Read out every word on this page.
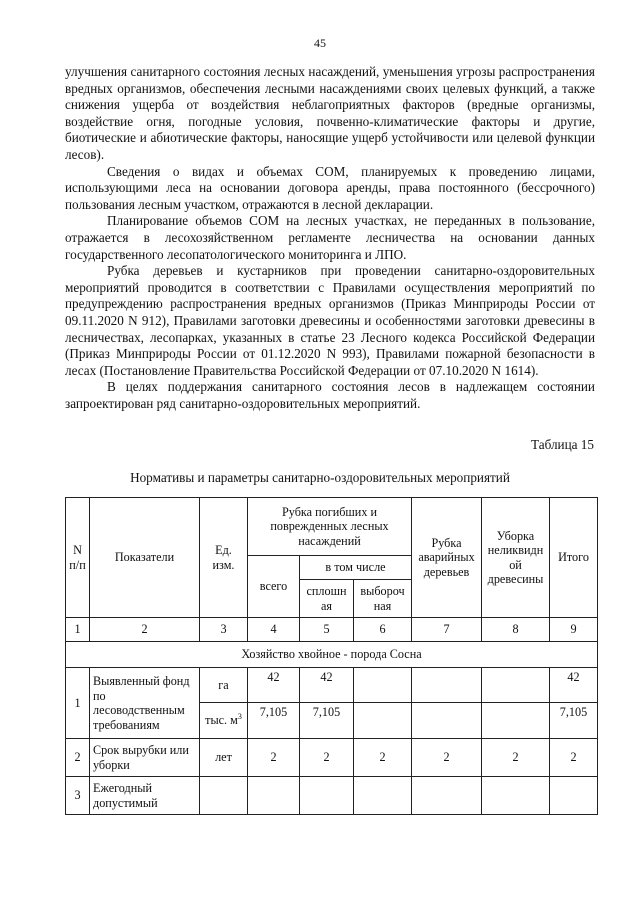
45

улучшения санитарного состояния лесных насаждений, уменьшения угрозы распространения вредных организмов, обеспечения лесными насаждениями своих целевых функций, а также снижения ущерба от воздействия неблагоприятных факторов (вредные организмы, воздействие огня, погодные условия, почвенно-климатические факторы и другие, биотические и абиотические факторы, наносящие ущерб устойчивости или целевой функции лесов).

Сведения о видах и объемах СОМ, планируемых к проведению лицами, использующими леса на основании договора аренды, права постоянного (бессрочного) пользования лесным участком, отражаются в лесной декларации.

Планирование объемов СОМ на лесных участках, не переданных в пользование, отражается в лесохозяйственном регламенте лесничества на основании данных государственного лесопатологического мониторинга и ЛПО.

Рубка деревьев и кустарников при проведении санитарно-оздоровительных мероприятий проводится в соответствии с Правилами осуществления мероприятий по предупреждению распространения вредных организмов (Приказ Минприроды России от 09.11.2020 N 912), Правилами заготовки древесины и особенностями заготовки древесины в лесничествах, лесопарках, указанных в статье 23 Лесного кодекса Российской Федерации (Приказ Минприроды России от 01.12.2020 N 993), Правилами пожарной безопасности в лесах (Постановление Правительства Российской Федерации от 07.10.2020 N 1614).

В целях поддержания санитарного состояния лесов в надлежащем состоянии запроектирован ряд санитарно-оздоровительных мероприятий.

Таблица 15
Нормативы и параметры санитарно-оздоровительных мероприятий
N п/п	Показатели	Ед. изм.	Рубка погибших и поврежденных лесных насаждений			Рубка аварийных деревьев	Уборка неликвидн ой древесины	Итого
			всего	в том числе				
				сплошн ая	выбороч ная			
1	2	3	4	5	6	7	8	9
Хозяйство хвойное - порода Сосна								
1	Выявленный фонд по лесоводственным требованиям	га	42	42				42
		тыс. $м^3$	7,105	7,105				7,105
2	Срок вырубки или уборки	лет	2	2	2	2	2	2
3	Ежегодный допустимый							
